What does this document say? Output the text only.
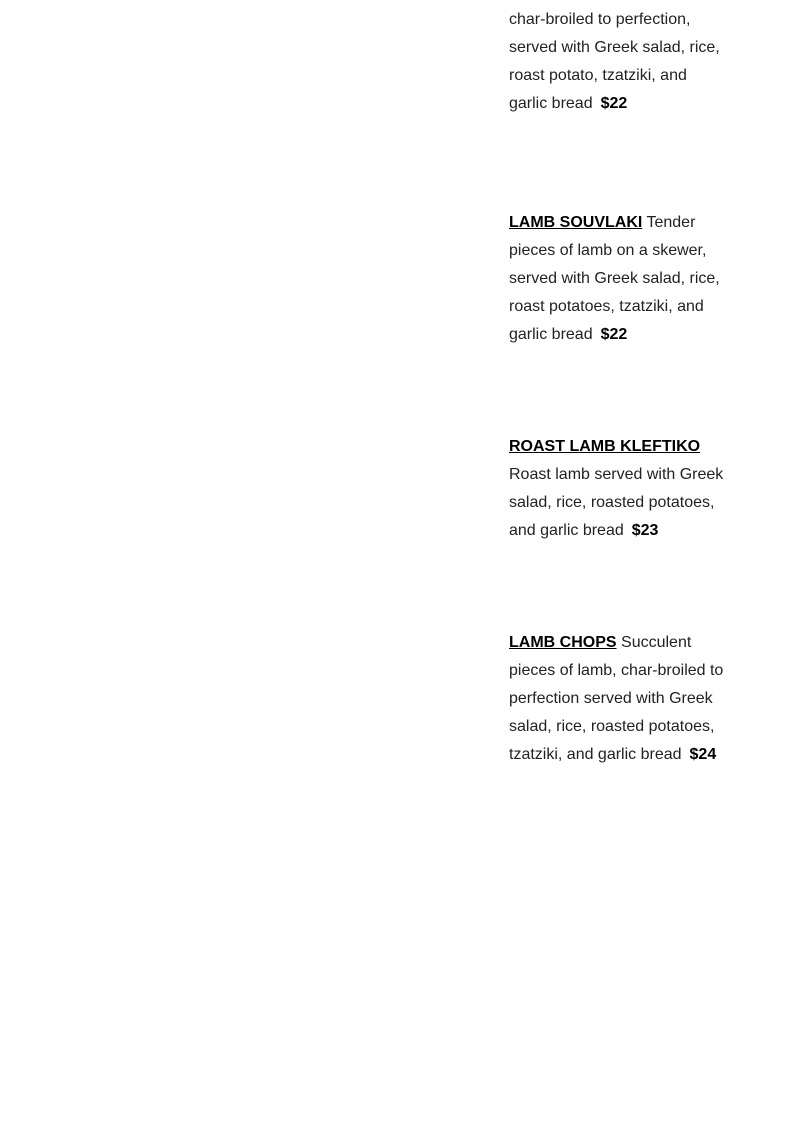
char-broiled to perfection, served with Greek salad, rice, roast potato, tzatziki, and garlic bread $22
LAMB SOUVLAKI Tender pieces of lamb on a skewer, served with Greek salad, rice, roast potatoes, tzatziki, and garlic bread $22
ROAST LAMB KLEFTIKO Roast lamb served with Greek salad, rice, roasted potatoes, and garlic bread $23
LAMB CHOPS Succulent pieces of lamb, char-broiled to perfection served with Greek salad, rice, roasted potatoes, tzatziki, and garlic bread $24
